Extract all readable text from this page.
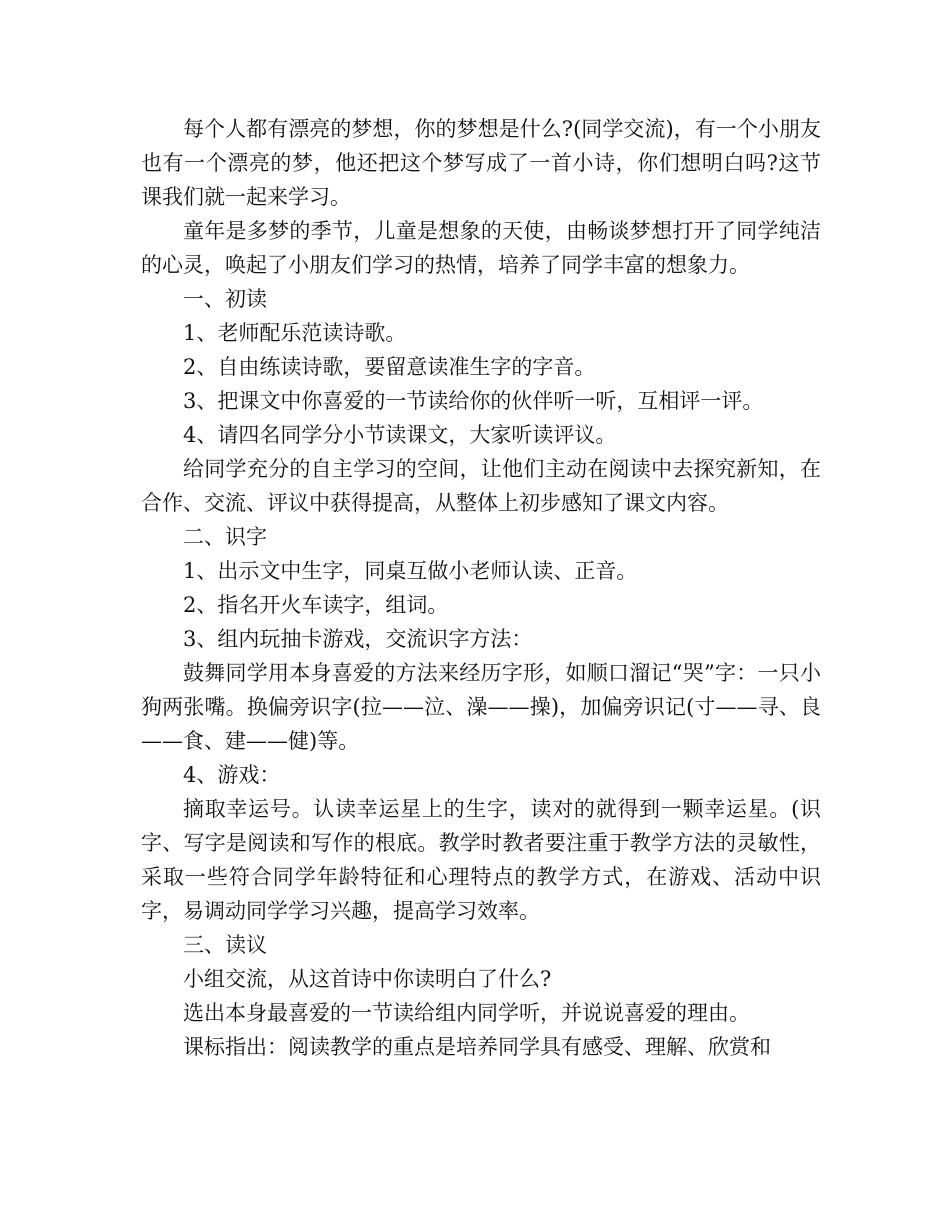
每个人都有漂亮的梦想，你的梦想是什么?(同学交流)，有一个小朋友也有一个漂亮的梦，他还把这个梦写成了一首小诗，你们想明白吗?这节课我们就一起来学习。

童年是多梦的季节，儿童是想象的天使，由畅谈梦想打开了同学纯洁的心灵，唤起了小朋友们学习的热情，培养了同学丰富的想象力。

一、初读

1、老师配乐范读诗歌。

2、自由练读诗歌，要留意读准生字的字音。

3、把课文中你喜爱的一节读给你的伙伴听一听，互相评一评。

4、请四名同学分小节读课文，大家听读评议。

给同学充分的自主学习的空间，让他们主动在阅读中去探究新知，在合作、交流、评议中获得提高，从整体上初步感知了课文内容。

二、识字

1、出示文中生字，同桌互做小老师认读、正音。

2、指名开火车读字，组词。

3、组内玩抽卡游戏，交流识字方法：

鼓舞同学用本身喜爱的方法来经历字形，如顺口溜记“哭”字：一只小狗两张嘴。换偏旁识字(拉——泣、澡——操)，加偏旁识记(寸——寻、良——食、建——健)等。

4、游戏：

摘取幸运号。认读幸运星上的生字，读对的就得到一颗幸运星。(识字、写字是阅读和写作的根底。教学时教者要注重于教学方法的灵敏性，采取一些符合同学年龄特征和心理特点的教学方式，在游戏、活动中识字，易调动同学学习兴趣，提高学习效率。

三、读议

小组交流，从这首诗中你读明白了什么?

选出本身最喜爱的一节读给组内同学听，并说说喜爱的理由。

课标指出：阅读教学的重点是培养同学具有感受、理解、欣赏和
